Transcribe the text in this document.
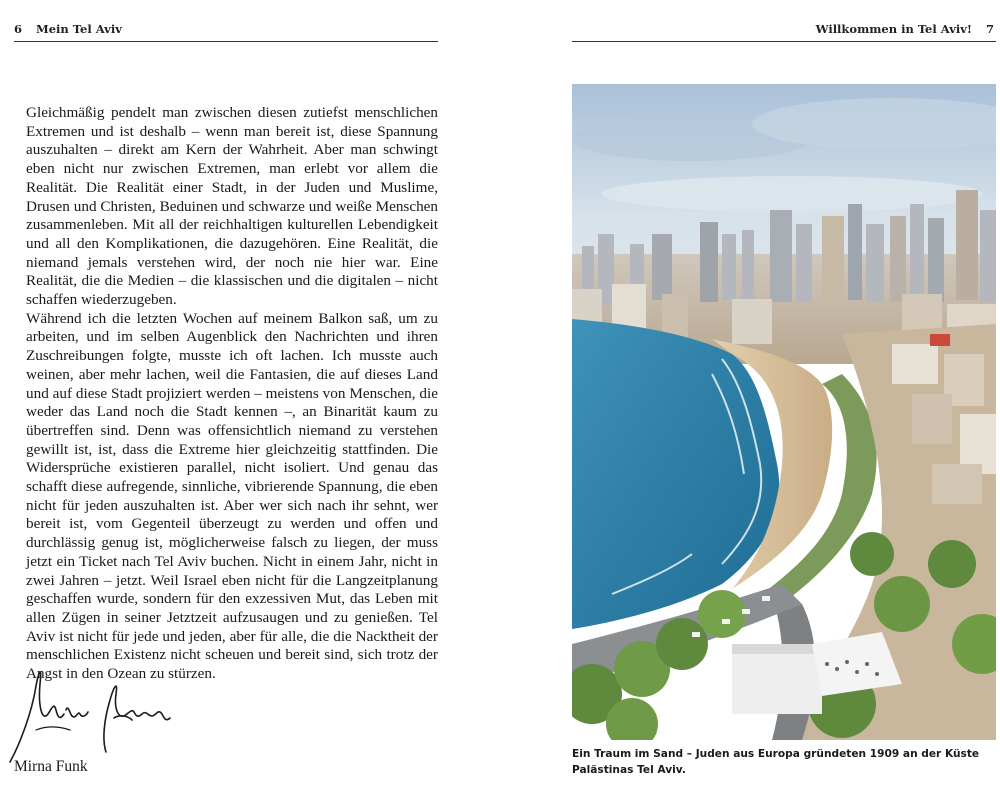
6 Mein Tel Aviv

Gleichmäßig pendelt man zwischen diesen zutiefst menschlichen Extremen und ist deshalb – wenn man bereit ist, diese Spannung auszuhalten – direkt am Kern der Wahrheit. Aber man schwingt eben nicht nur zwischen Extremen, man erlebt vor allem die Realität. Die Realität einer Stadt, in der Juden und Muslime, Drusen und Christen, Beduinen und schwarze und weiße Menschen zusammenleben. Mit all der reichhaltigen kulturellen Lebendigkeit und all den Komplikationen, die dazugehören. Eine Realität, die niemand jemals verstehen wird, der noch nie hier war. Eine Realität, die die Medien – die klassischen und die digitalen – nicht schaffen wiederzugeben.

Während ich die letzten Wochen auf meinem Balkon saß, um zu arbeiten, und im selben Augenblick den Nachrichten und ihren Zuschreibungen folgte, musste ich oft lachen. Ich musste auch weinen, aber mehr lachen, weil die Fantasien, die auf dieses Land und auf diese Stadt projiziert werden – meistens von Menschen, die weder das Land noch die Stadt kennen –, an Binarität kaum zu übertreffen sind. Denn was offensichtlich niemand zu verstehen gewillt ist, ist, dass die Extreme hier gleichzeitig stattfinden. Die Widersprüche existieren parallel, nicht isoliert. Und genau das schafft diese aufregende, sinnliche, vibrierende Spannung, die eben nicht für jeden auszuhalten ist. Aber wer sich nach ihr sehnt, wer bereit ist, vom Gegenteil überzeugt zu werden und offen und durchlässig genug ist, möglicherweise falsch zu liegen, der muss jetzt ein Ticket nach Tel Aviv buchen. Nicht in einem Jahr, nicht in zwei Jahren – jetzt. Weil Israel eben nicht für die Langzeitplanung geschaffen wurde, sondern für den exzessiven Mut, das Leben mit allen Zügen in seiner Jetztzeit aufzusaugen und zu genießen. Tel Aviv ist nicht für jede und jeden, aber für alle, die die Nacktheit der menschlichen Existenz nicht scheuen und bereit sind, sich trotz der Angst in den Ozean zu stürzen.

Mirna Funk
Willkommen in Tel Aviv! 7
Ein Traum im Sand – Juden aus Europa gründeten 1909 an der Küste Palästinas Tel Aviv.
